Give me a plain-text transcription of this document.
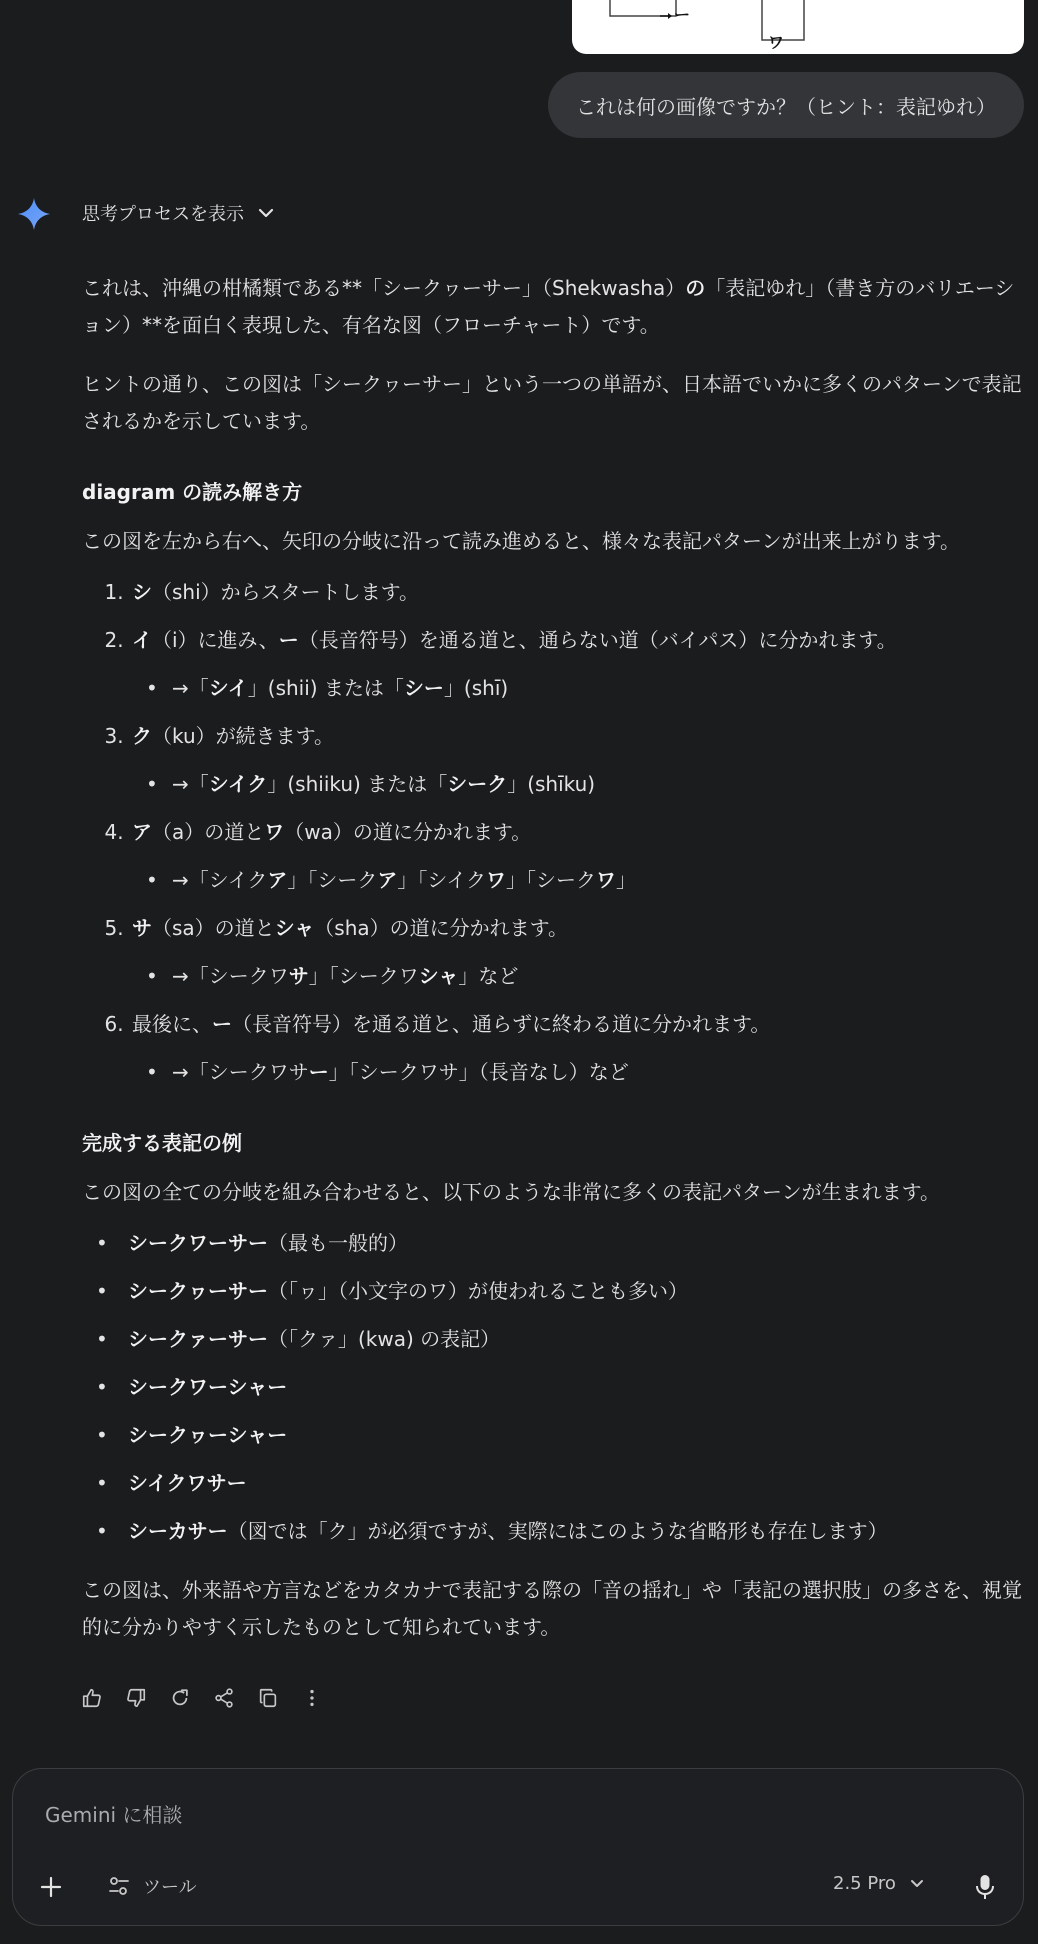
ー
ワ
これは何の画像ですか？（ヒント：表記ゆれ）
思考プロセスを表示

これは、沖縄の柑橘類である**「シークヮーサー」（Shekwasha）の「表記ゆれ」（書き方のバリエーション）**を面白く表現した、有名な図（フローチャート）です。

ヒントの通り、この図は「シークヮーサー」という一つの単語が、日本語でいかに多くのパターンで表記されるかを示しています。

diagram の読み解き方

この図を左から右へ、矢印の分岐に沿って読み進めると、様々な表記パターンが出来上がります。

1. シ（shi）からスタートします。
2. イ（i）に進み、ー（長音符号）を通る道と、通らない道（バイパス）に分かれます。
• →「シイ」(shii) または「シー」(shī)
3. ク（ku）が続きます。
• →「シイク」(shiiku) または「シーク」(shīku)
4. ア（a）の道とワ（wa）の道に分かれます。
• →「シイクア」「シークア」「シイクワ」「シークワ」
5. サ（sa）の道とシャ（sha）の道に分かれます。
• →「シークワサ」「シークワシャ」など
6. 最後に、ー（長音符号）を通る道と、通らずに終わる道に分かれます。
• →「シークワサー」「シークワサ」（長音なし）など
完成する表記の例

この図の全ての分岐を組み合わせると、以下のような非常に多くの表記パターンが生まれます。

• シークワーサー（最も一般的）
• シークヮーサー（「ヮ」（小文字のワ）が使われることも多い）
• シークァーサー（「クァ」(kwa) の表記）
• シークワーシャー
• シークヮーシャー
• シイクワサー
• シーカサー（図では「ク」が必須ですが、実際にはこのような省略形も存在します）

この図は、外来語や方言などをカタカナで表記する際の「音の揺れ」や「表記の選択肢」の多さを、視覚的に分かりやすく示したものとして知られています。

Gemini に相談
ツール	2.5 Pro
